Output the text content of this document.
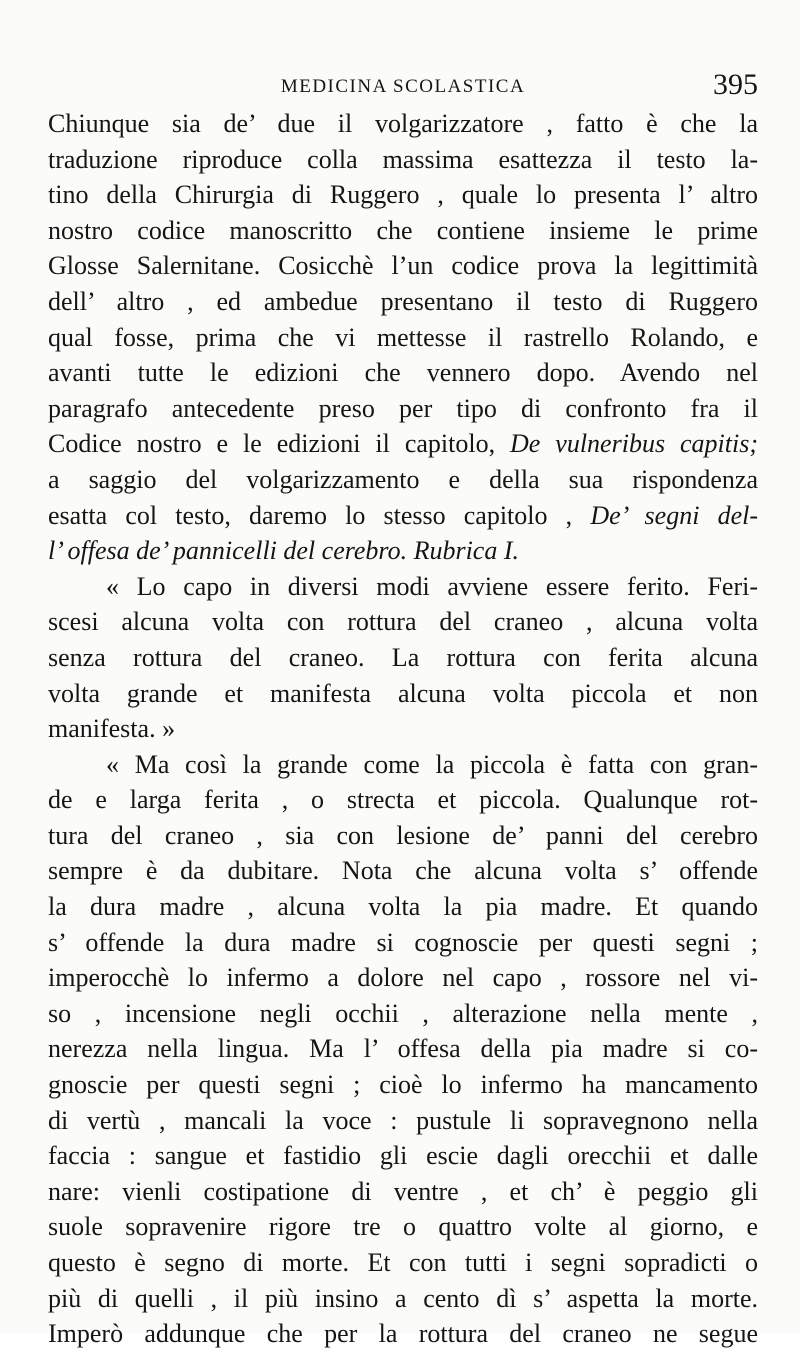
MEDICINA SCOLASTICA	395
Chiunque sia de’ due il volgarizzatore , fatto è che la
traduzione riproduce colla massima esattezza il testo la-
tino della Chirurgia di Ruggero , quale lo presenta l’ altro
nostro codice manoscritto che contiene insieme le prime
Glosse Salernitane. Cosicchè l’un codice prova la legittimità
dell’ altro , ed ambedue presentano il testo di Ruggero
qual fosse, prima che vi mettesse il rastrello Rolando, e
avanti tutte le edizioni che vennero dopo. Avendo nel
paragrafo antecedente preso per tipo di confronto fra il
Codice nostro e le edizioni il capitolo, De vulneribus capitis;
a saggio del volgarizzamento e della sua rispondenza
esatta col testo, daremo lo stesso capitolo , De’ segni del-
l’ offesa de’ pannicelli del cerebro. Rubrica I.
« Lo capo in diversi modi avviene essere ferito. Feri-
scesi alcuna volta con rottura del craneo , alcuna volta
senza rottura del craneo. La rottura con ferita alcuna
volta grande et manifesta alcuna volta piccola et non
manifesta. »
« Ma così la grande come la piccola è fatta con gran-
de e larga ferita , o strecta et piccola. Qualunque rot-
tura del craneo , sia con lesione de’ panni del cerebro
sempre è da dubitare. Nota che alcuna volta s’ offende
la dura madre , alcuna volta la pia madre. Et quando
s’ offende la dura madre si cognoscie per questi segni ;
imperocchè lo infermo a dolore nel capo , rossore nel vi-
so , incensione negli occhii , alterazione nella mente ,
nerezza nella lingua. Ma l’ offesa della pia madre si co-
gnoscie per questi segni ; cioè lo infermo ha mancamento
di vertù , mancali la voce : pustule li sopravegnono nella
faccia : sangue et fastidio gli escie dagli orecchii et dalle
nare: vienli costipatione di ventre , et ch’ è peggio gli
suole sopravenire rigore tre o quattro volte al giorno, e
questo è segno di morte. Et con tutti i segni sopradicti o
più di quelli , il più insino a cento dì s’ aspetta la morte.
Imperò addunque che per la rottura del craneo ne segue
